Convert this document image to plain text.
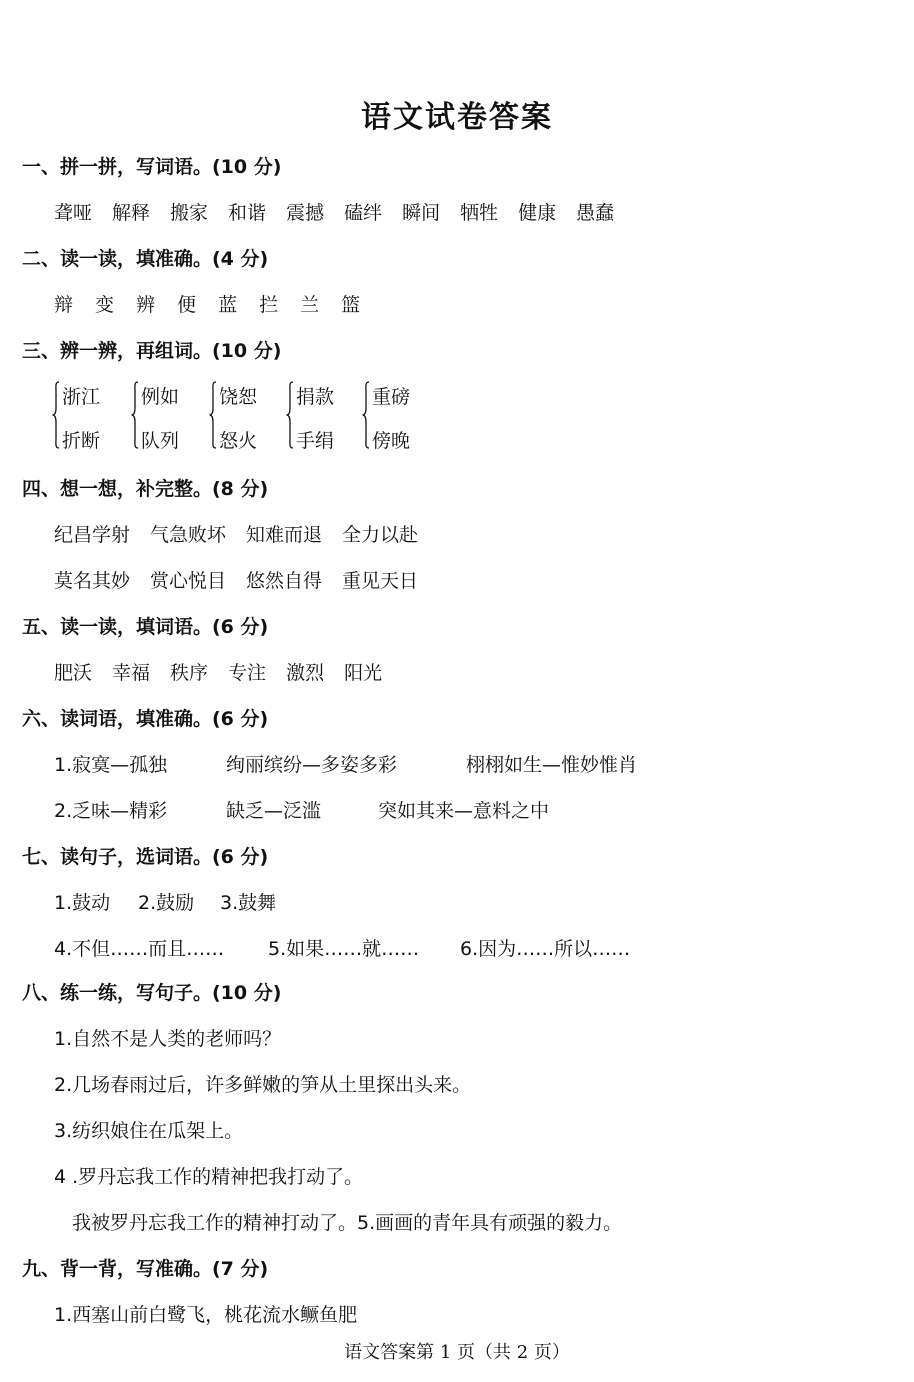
语文试卷答案
一、拼一拼，写词语。(10 分)
聋哑 解释 搬家 和谐 震撼 磕绊 瞬间 牺牲 健康 愚蠢
二、读一读，填准确。(4 分)
辩 变 辨 便 蓝 拦 兰 篮
三、辨一辨，再组词。(10 分)
浙江
折断
例如
队列
饶恕
怒火
捐款
手绢
重磅
傍晚
四、想一想，补完整。(8 分)
纪昌学射 气急败坏 知难而退 全力以赴
莫名其妙 赏心悦目 悠然自得 重见天日
五、读一读，填词语。(6 分)
肥沃 幸福 秩序 专注 激烈 阳光
六、读词语，填准确。(6 分)
1.寂寞—孤独	绚丽缤纷—多姿多彩	栩栩如生—惟妙惟肖
2.乏味—精彩	缺乏—泛滥	突如其来—意料之中
七、读句子，选词语。(6 分)
1.鼓动 2.鼓励 3.鼓舞
4.不但……而且…… 5.如果……就…… 6.因为……所以……
八、练一练，写句子。(10 分)
1.自然不是人类的老师吗？
2.几场春雨过后，许多鲜嫩的笋从土里探出头来。
3.纺织娘住在瓜架上。
4 .罗丹忘我工作的精神把我打动了。
我被罗丹忘我工作的精神打动了。5.画画的青年具有顽强的毅力。
九、背一背，写准确。(7 分)
1.西塞山前白鹭飞，桃花流水鳜鱼肥
语文答案第 1 页（共 2 页）
